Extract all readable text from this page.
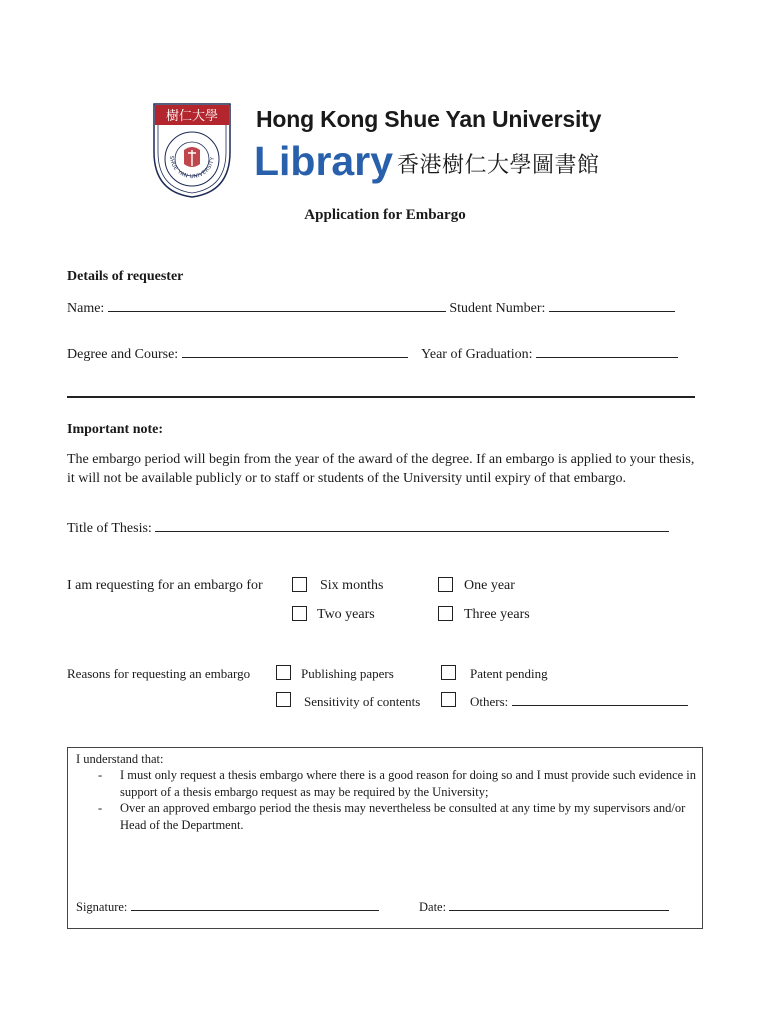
樹仁大學
SHUE YAN UNIVERSITY
Hong Kong Shue Yan University
Library 香港樹仁大學圖書館
Application for Embargo
Details of requester
Name:	Student Number:
Degree and Course:	Year of Graduation:
Important note:
The embargo period will begin from the year of the award of the degree. If an embargo is applied to your thesis, it will not be available publicly or to staff or students of the University until expiry of that embargo.
Title of Thesis:
I am requesting for an embargo for	Six months	One year
Two years	Three years
Reasons for requesting an embargo	Publishing papers	Patent pending
Sensitivity of contents	Others:
I understand that:
- I must only request a thesis embargo where there is a good reason for doing so and I must provide such evidence in support of a thesis embargo request as may be required by the University;
- Over an approved embargo period the thesis may nevertheless be consulted at any time by my supervisors and/or Head of the Department.
Signature:	Date:
